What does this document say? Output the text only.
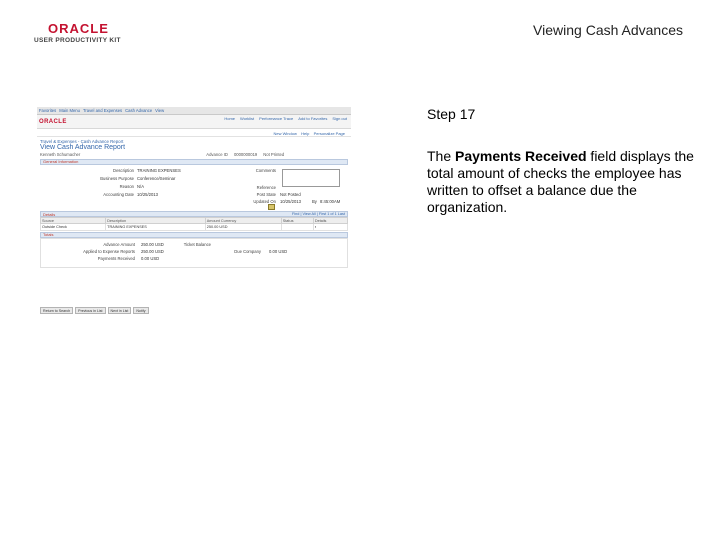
ORACLE
USER PRODUCTIVITY KIT
Viewing Cash Advances
Favorites Main Menu Travel and Expenses Cash Advance View
ORACLE
Home Worklist Performance Trace Add to Favorites Sign out
New Window Help Personalize Page
Travel & Expenses - Cash Advance Report
View Cash Advance Report
Kenneth Schumacher	Advance ID 0000000019 Not Printed
General Information
Description TRAINING EXPENSES
Business Purpose Conference/Seminar
Reason N/A
Accounting Date 10/25/2013
Comments
Reference
Post State Not Posted
Updated On 10/25/2013	By 8:45:00AM
Details	Find | View All | First 1 of 1 Last
Source	Description	Amount Currency	Status	Details
Outside Check	TRAINING EXPENSES	250.00 USD		▪
Totals
Advance Amount 250.00 USD
Applied to Expense Reports 250.00 USD
Payments Received 0.00 USD
Ticket Balance
Due Company 0.00 USD
Return to Search	Previous in List	Next in List	Notify
Step 17
The Payments Received field displays the total amount of checks the employee has written to offset a balance due the organization.
